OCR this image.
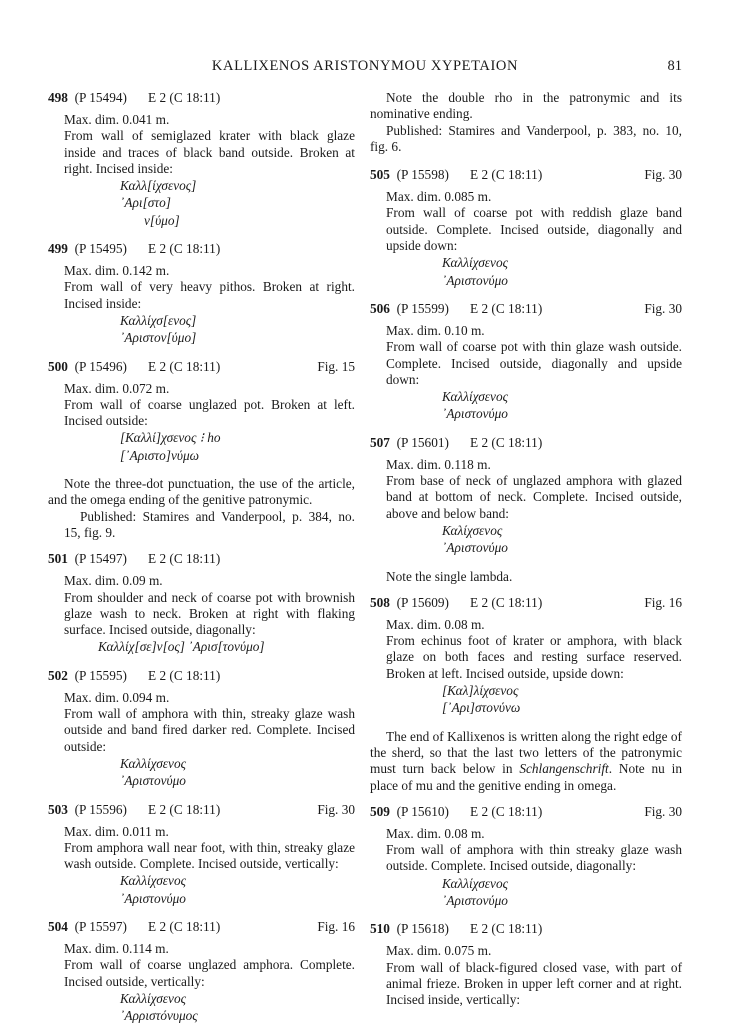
KALLIXENOS ARISTONYMOU XYPETAION	81
498 (P 15494) E 2 (C 18:11)

Max. dim. 0.041 m.

From wall of semiglazed krater with black glaze inside and traces of black band outside. Broken at right. Incised inside:

Καλλ[ίχσενος]
᾿Αρι[στο]
ν[ύμο]
499 (P 15495) E 2 (C 18:11)

Max. dim. 0.142 m.

From wall of very heavy pithos. Broken at right. Incised inside:

Καλλίχσ[ενος]
᾿Αριστον[ύμο]
500 (P 15496) E 2 (C 18:11)	Fig. 15

Max. dim. 0.072 m.

From wall of coarse unglazed pot. Broken at left. Incised outside:

[Καλλί]χσενος ⁝ ho
[᾿Αριστο]νύμω

Note the three-dot punctuation, the use of the article, and the omega ending of the genitive patronymic.

Published: Stamires and Vanderpool, p. 384, no. 15, fig. 9.

501 (P 15497) E 2 (C 18:11)

Max. dim. 0.09 m.

From shoulder and neck of coarse pot with brownish glaze wash to neck. Broken at right with flaking surface. Incised outside, diagonally:

Καλλίχ[σε]ν[ος] ᾿Αρισ[τονύμο]
502 (P 15595) E 2 (C 18:11)

Max. dim. 0.094 m.

From wall of amphora with thin, streaky glaze wash outside and band fired darker red. Complete. Incised outside:

Καλλίχσενος
᾿Αριστονύμο
503 (P 15596) E 2 (C 18:11)	Fig. 30

Max. dim. 0.011 m.

From amphora wall near foot, with thin, streaky glaze wash outside. Complete. Incised outside, vertically:

Καλλίχσενος
᾿Αριστονύμο
504 (P 15597) E 2 (C 18:11)	Fig. 16

Max. dim. 0.114 m.

From wall of coarse unglazed amphora. Complete. Incised outside, vertically:

Καλλίχσενος
᾿Αρριστόνυμος

Note the double rho in the patronymic and its nominative ending.

Published: Stamires and Vanderpool, p. 383, no. 10, fig. 6.

505 (P 15598) E 2 (C 18:11)	Fig. 30

Max. dim. 0.085 m.

From wall of coarse pot with reddish glaze band outside. Complete. Incised outside, diagonally and upside down:

Καλλίχσενος
᾿Αριστονύμο
506 (P 15599) E 2 (C 18:11)	Fig. 30

Max. dim. 0.10 m.

From wall of coarse pot with thin glaze wash outside. Complete. Incised outside, diagonally and upside down:

Καλλίχσενος
᾿Αριστονύμο
507 (P 15601) E 2 (C 18:11)

Max. dim. 0.118 m.

From base of neck of unglazed amphora with glazed band at bottom of neck. Complete. Incised outside, above and below band:

Καλίχσενος
᾿Αριστονύμο

Note the single lambda.

508 (P 15609) E 2 (C 18:11)	Fig. 16

Max. dim. 0.08 m.

From echinus foot of krater or amphora, with black glaze on both faces and resting surface reserved. Broken at left. Incised outside, upside down:

[Καλ]λίχσενος
[᾿Αρι]στονύνω

The end of Kallixenos is written along the right edge of the sherd, so that the last two letters of the patronymic must turn back below in Schlangenschrift. Note nu in place of mu and the genitive ending in omega.

509 (P 15610) E 2 (C 18:11)	Fig. 30

Max. dim. 0.08 m.

From wall of amphora with thin streaky glaze wash outside. Complete. Incised outside, diagonally:

Καλλίχσενος
᾿Αριστονύμο
510 (P 15618) E 2 (C 18:11)

Max. dim. 0.075 m.

From wall of black-figured closed vase, with part of animal frieze. Broken in upper left corner and at right. Incised inside, vertically:
